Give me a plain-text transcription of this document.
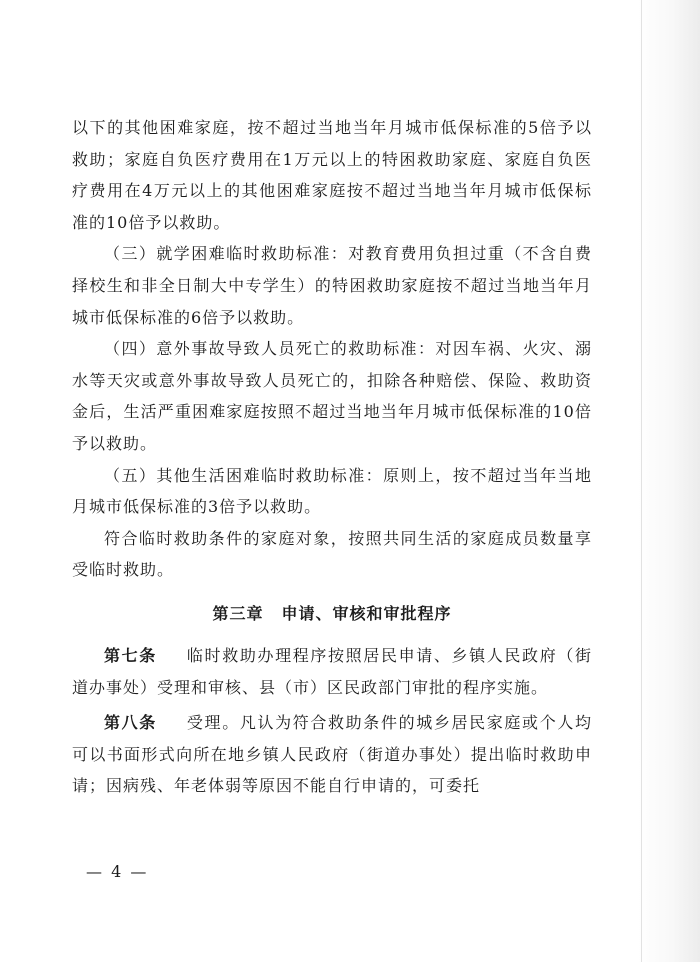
以下的其他困难家庭，按不超过当地当年月城市低保标准的5倍予以救助；家庭自负医疗费用在1万元以上的特困救助家庭、家庭自负医疗费用在4万元以上的其他困难家庭按不超过当地当年月城市低保标准的10倍予以救助。

（三）就学困难临时救助标准：对教育费用负担过重（不含自费择校生和非全日制大中专学生）的特困救助家庭按不超过当地当年月城市低保标准的6倍予以救助。

（四）意外事故导致人员死亡的救助标准：对因车祸、火灾、溺水等天灾或意外事故导致人员死亡的，扣除各种赔偿、保险、救助资金后，生活严重困难家庭按照不超过当地当年月城市低保标准的10倍予以救助。

（五）其他生活困难临时救助标准：原则上，按不超过当年当地月城市低保标准的3倍予以救助。

符合临时救助条件的家庭对象，按照共同生活的家庭成员数量享受临时救助。

第三章 申请、审核和审批程序

第七条 临时救助办理程序按照居民申请、乡镇人民政府（街道办事处）受理和审核、县（市）区民政部门审批的程序实施。

第八条 受理。凡认为符合救助条件的城乡居民家庭或个人均可以书面形式向所在地乡镇人民政府（街道办事处）提出临时救助申请；因病残、年老体弱等原因不能自行申请的，可委托

— 4 —
